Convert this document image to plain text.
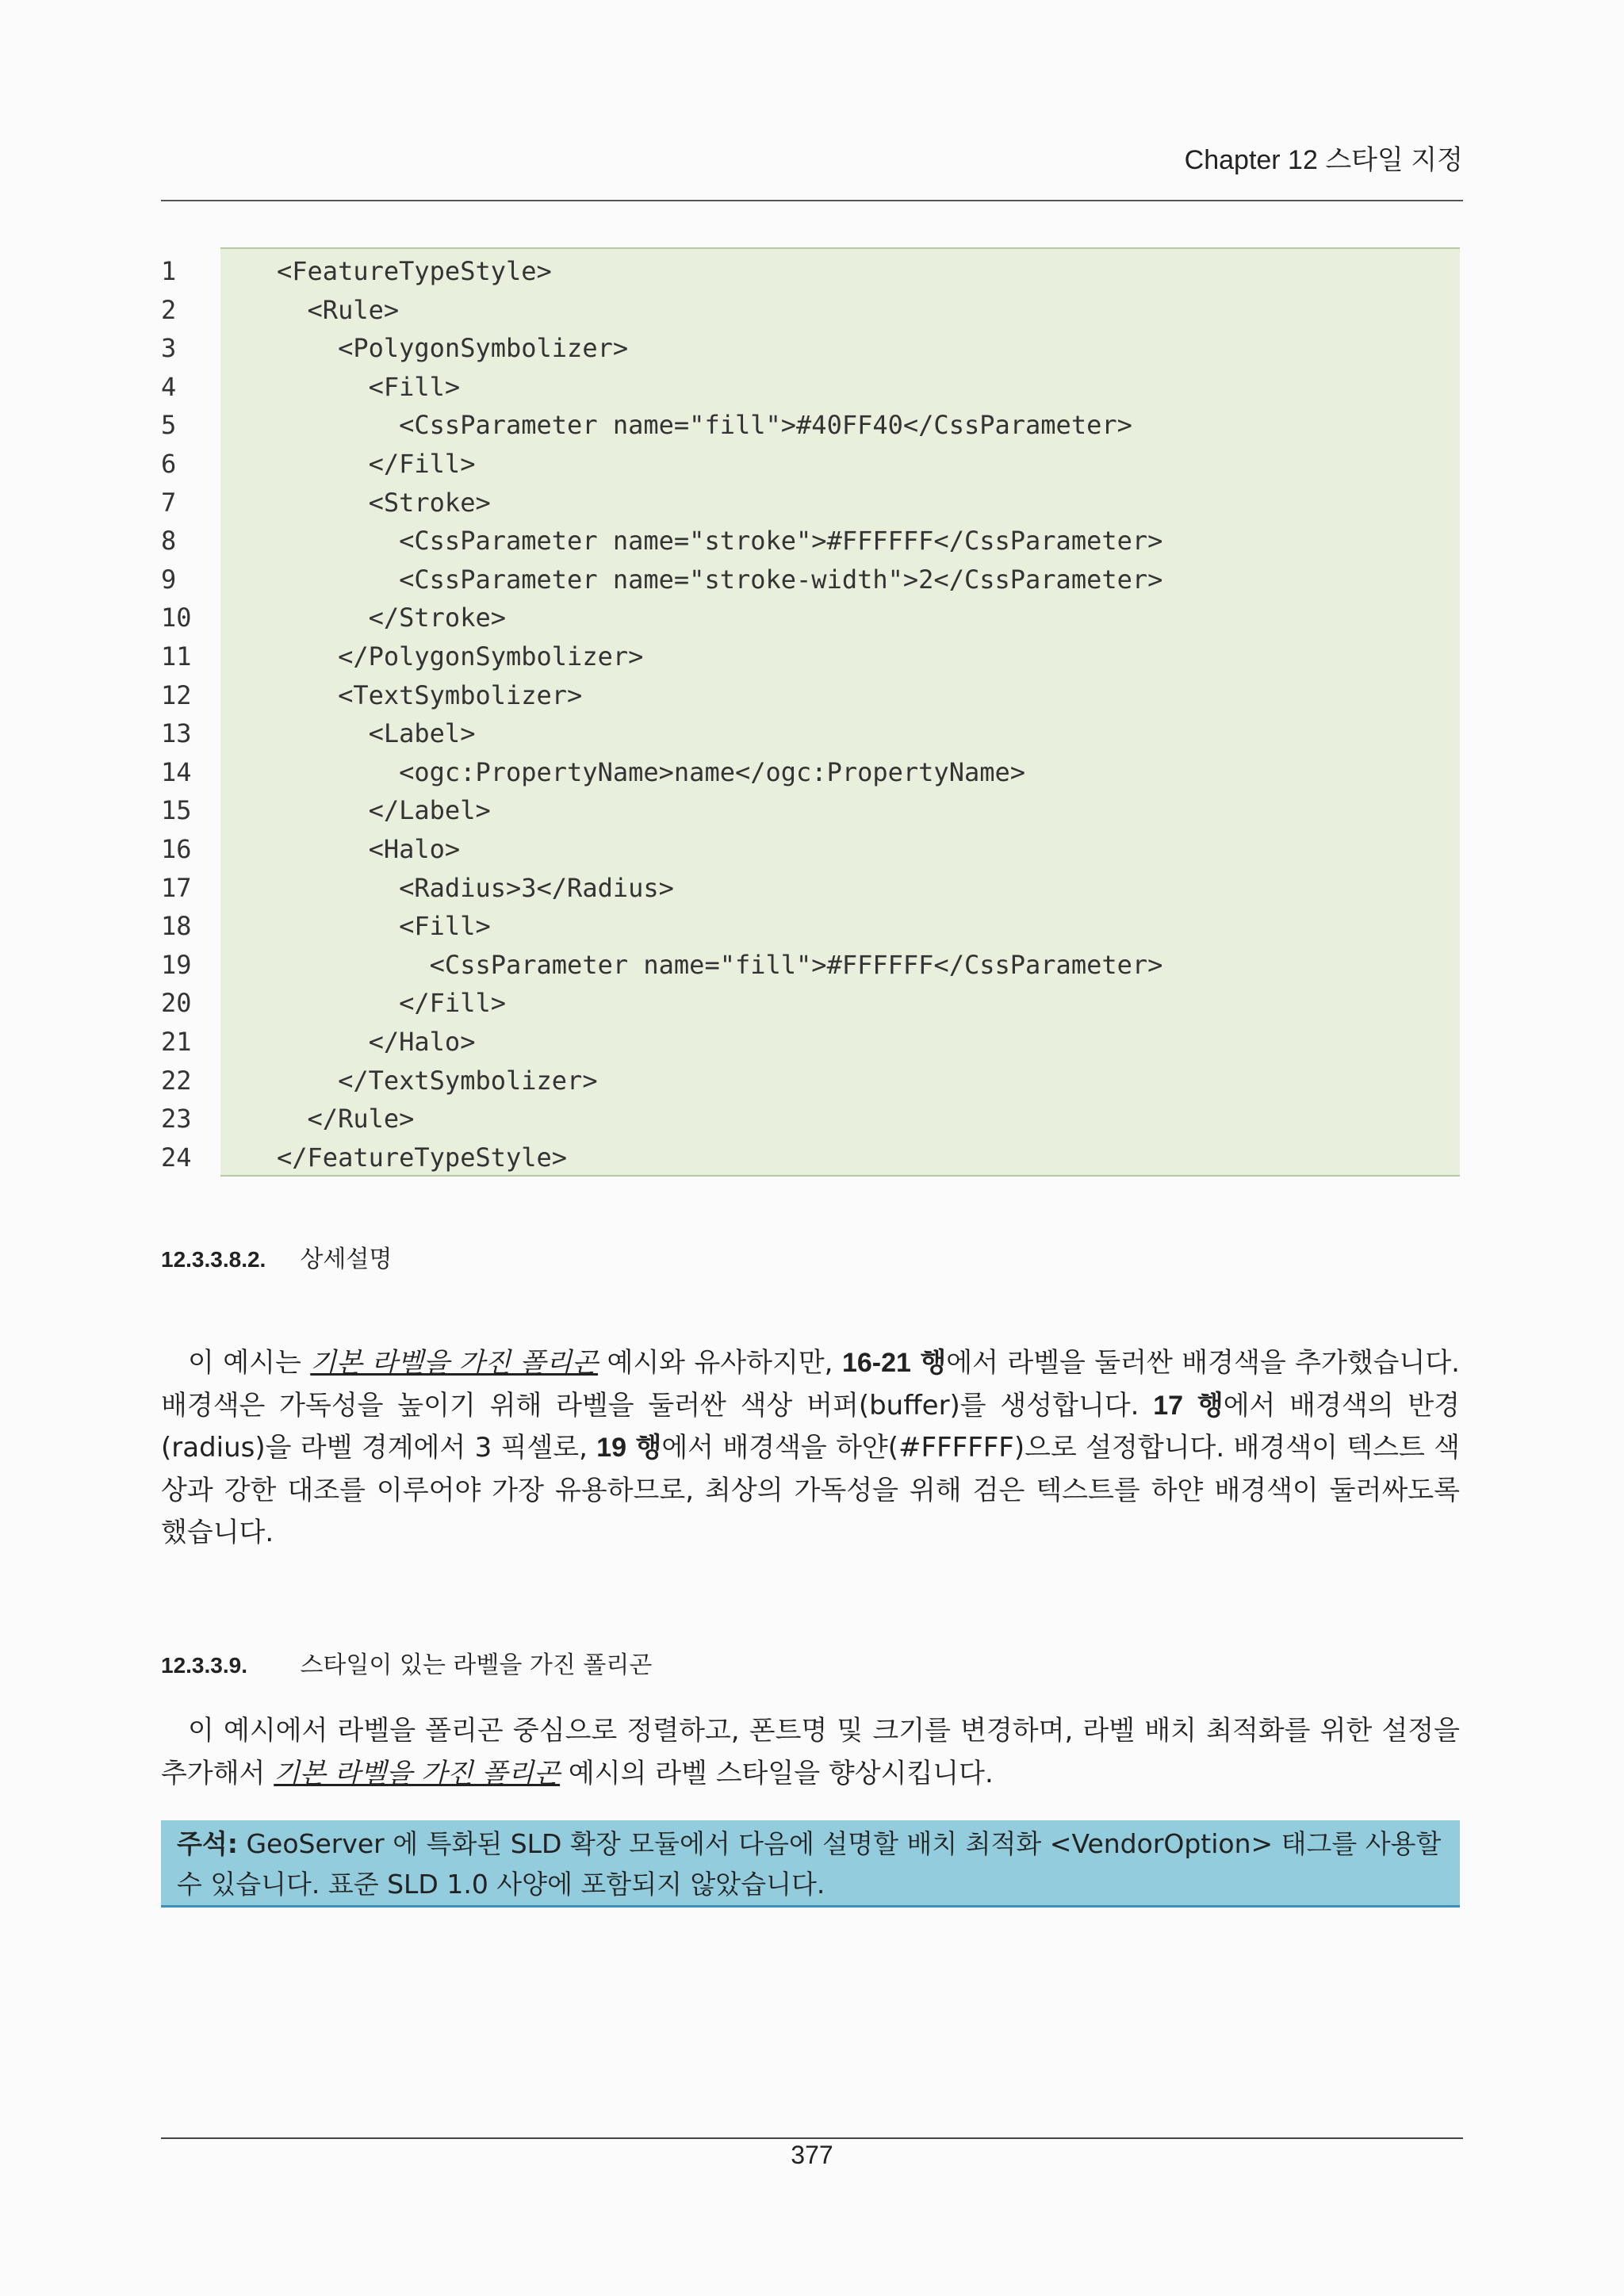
Chapter 12 스타일 지정
1	<FeatureTypeStyle>
2	<Rule>
3	<PolygonSymbolizer>
4	<Fill>
5	<CssParameter name="fill">#40FF40</CssParameter>
6	</Fill>
7	<Stroke>
8	<CssParameter name="stroke">#FFFFFF</CssParameter>
9	<CssParameter name="stroke-width">2</CssParameter>
10	</Stroke>
11	</PolygonSymbolizer>
12	<TextSymbolizer>
13	<Label>
14	<ogc:PropertyName>name</ogc:PropertyName>
15	</Label>
16	<Halo>
17	<Radius>3</Radius>
18	<Fill>
19	<CssParameter name="fill">#FFFFFF</CssParameter>
20	</Fill>
21	</Halo>
22	</TextSymbolizer>
23	</Rule>
24	</FeatureTypeStyle>
12.3.3.8.2. 상세설명
이 예시는 기본 라벨을 가진 폴리곤 예시와 유사하지만, 16-21 행에서 라벨을 둘러싼 배경색을 추가했습니다. 배경색은 가독성을 높이기 위해 라벨을 둘러싼 색상 버퍼(buffer)를 생성합니다. 17 행에서 배경색의 반경(radius)을 라벨 경계에서 3 픽셀로, 19 행에서 배경색을 하얀(#FFFFFF)으로 설정합니다. 배경색이 텍스트 색상과 강한 대조를 이루어야 가장 유용하므로, 최상의 가독성을 위해 검은 텍스트를 하얀 배경색이 둘러싸도록 했습니다.
12.3.3.9. 스타일이 있는 라벨을 가진 폴리곤
이 예시에서 라벨을 폴리곤 중심으로 정렬하고, 폰트명 및 크기를 변경하며, 라벨 배치 최적화를 위한 설정을 추가해서 기본 라벨을 가진 폴리곤 예시의 라벨 스타일을 향상시킵니다.
주석: GeoServer 에 특화된 SLD 확장 모듈에서 다음에 설명할 배치 최적화 <VendorOption> 태그를 사용할 수 있습니다. 표준 SLD 1.0 사양에 포함되지 않았습니다.
377
